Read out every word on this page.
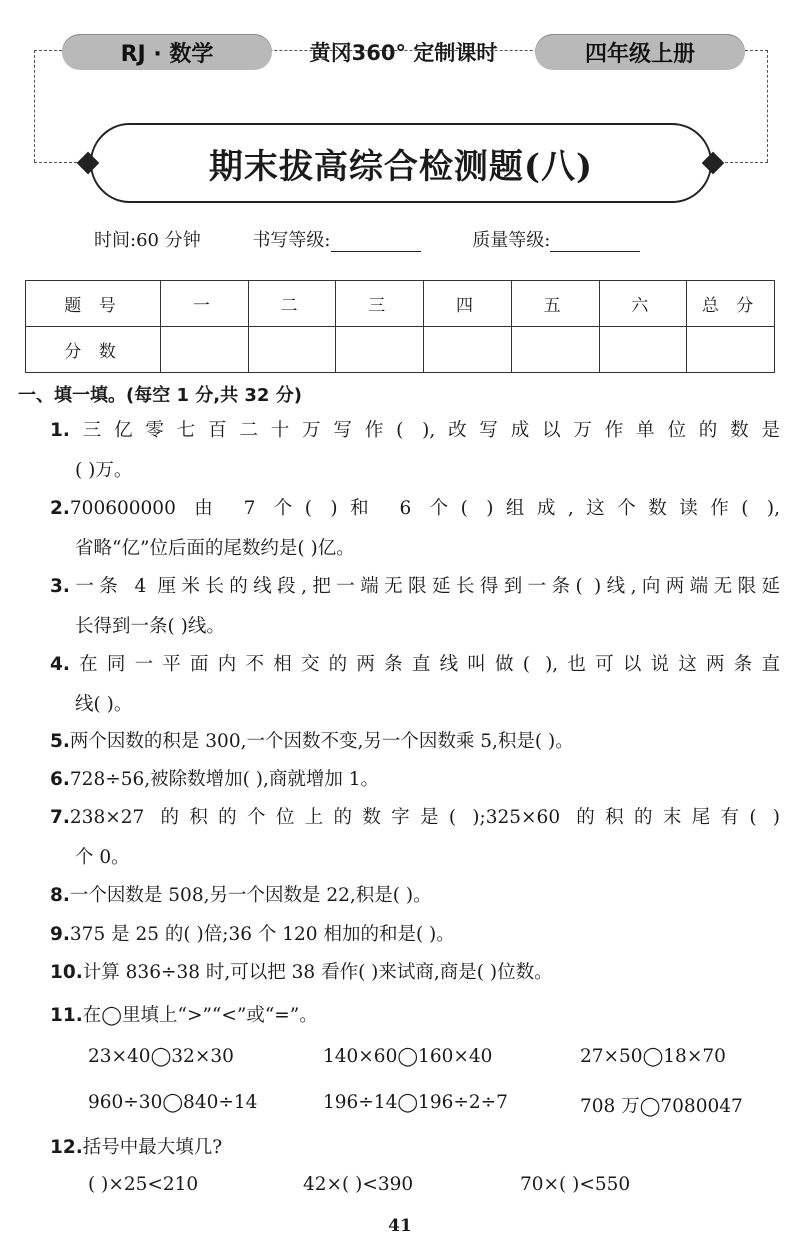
RJ · 数学	黄冈360° 定制课时	四年级上册
期末拔高综合检测题(八)
时间:60 分钟	书写等级:	质量等级:
题 号	一	二	三	四	五	六	总 分
分 数							
一、填一填。(每空 1 分,共 32 分)
1.三亿零七百二十万写作( ),改写成以万作单位的数是
( )万。
2.700600000 由 7 个( )和 6 个( )组成,这个数读作( ),
省略“亿”位后面的尾数约是( )亿。
3.一条 4 厘米长的线段,把一端无限延长得到一条( )线,向两端无限延
长得到一条( )线。
4.在同一平面内不相交的两条直线叫做( ),也可以说这两条直
线( )。
5.两个因数的积是 300,一个因数不变,另一个因数乘 5,积是( )。
6.728÷56,被除数增加( ),商就增加 1。
7.238×27 的积的个位上的数字是( );325×60 的积的末尾有( )
个 0。
8.一个因数是 508,另一个因数是 22,积是( )。
9.375 是 25 的( )倍;36 个 120 相加的和是( )。
10.计算 836÷38 时,可以把 38 看作( )来试商,商是( )位数。
11.在◯里填上“>”“<”或“=”。
23×40◯32×30	140×60◯160×40	27×50◯18×70
960÷30◯840÷14	196÷14◯196÷2÷7	708 万◯7080047
12.括号中最大填几?
( )×25<210	42×( )<390	70×( )<550
41
